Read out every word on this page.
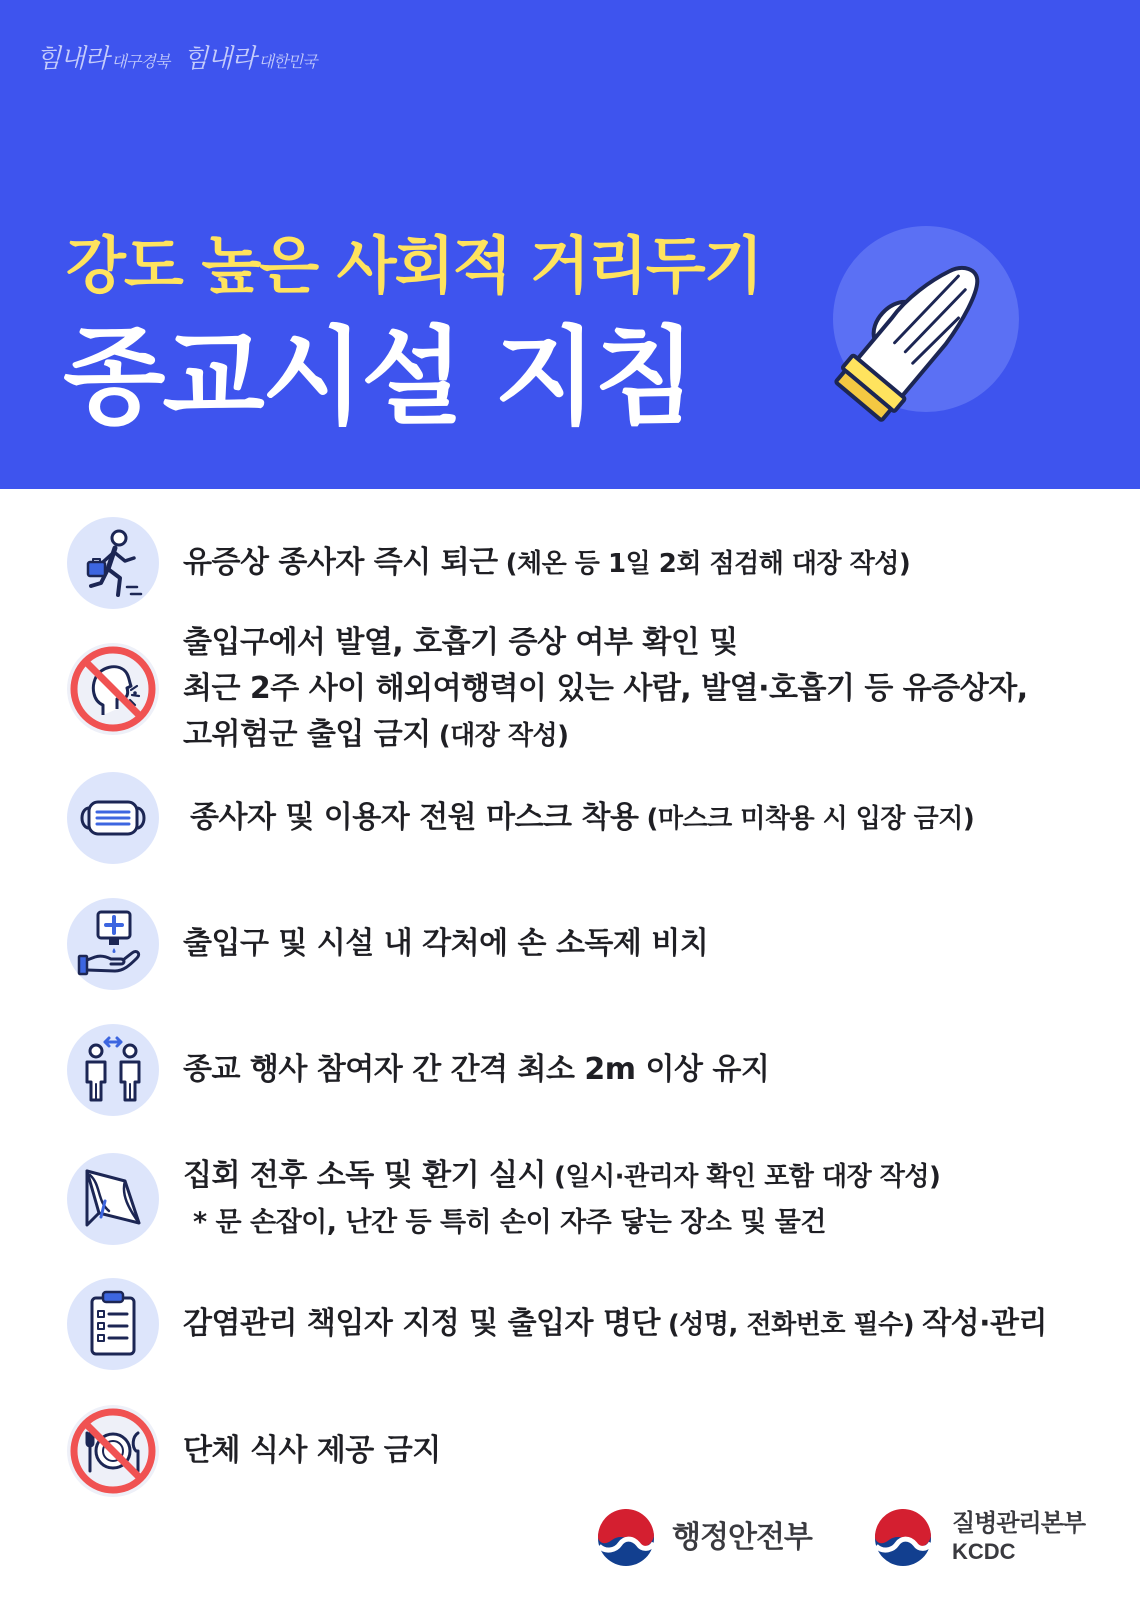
힘내라 대구경북 힘내라 대한민국
강도 높은 사회적 거리두기
종교시설 지침
유증상 종사자 즉시 퇴근 (체온 등 1일 2회 점검해 대장 작성)
출입구에서 발열, 호흡기 증상 여부 확인 및
최근 2주 사이 해외여행력이 있는 사람, 발열·호흡기 등 유증상자,
고위험군 출입 금지 (대장 작성)
종사자 및 이용자 전원 마스크 착용 (마스크 미착용 시 입장 금지)
출입구 및 시설 내 각처에 손 소독제 비치
종교 행사 참여자 간 간격 최소 2m 이상 유지
집회 전후 소독 및 환기 실시 (일시·관리자 확인 포함 대장 작성)
* 문 손잡이, 난간 등 특히 손이 자주 닿는 장소 및 물건
감염관리 책임자 지정 및 출입자 명단 (성명, 전화번호 필수) 작성·관리
단체 식사 제공 금지
행정안전부	질병관리본부
KCDC
